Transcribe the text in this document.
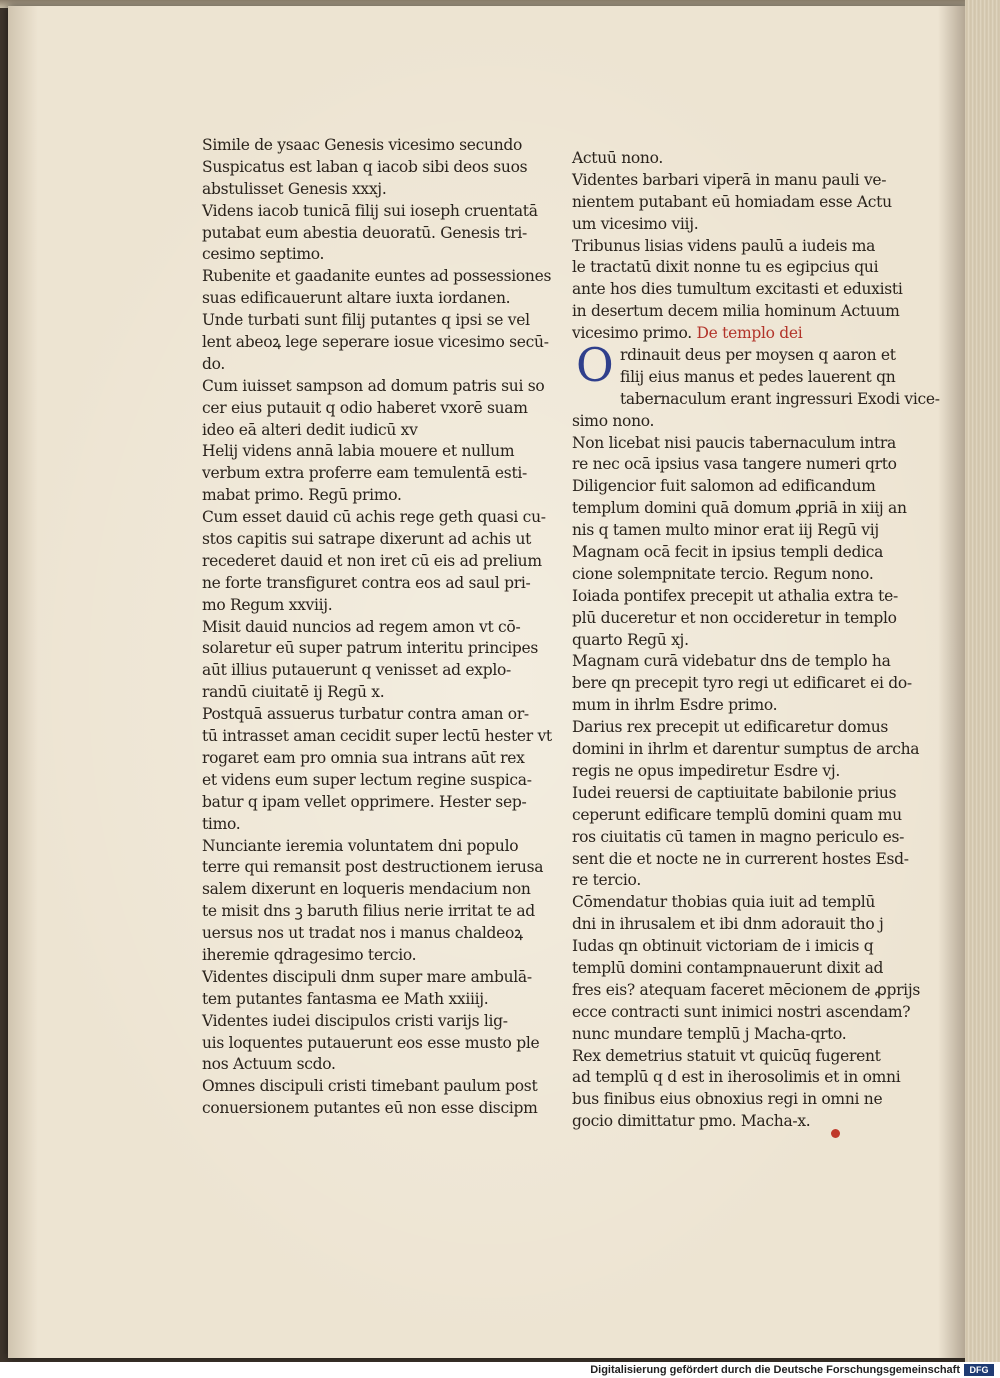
Simile de ysaac Genesis vicesimo secundo
Suspicatus est laban q iacob sibi deos suos
abstulisset Genesis xxxj.
Videns iacob tunicā filij sui ioseph cruentatā
putabat eum abestia deuoratū. Genesis tri-
cesimo septimo.
Rubenite et gaadanite euntes ad possessiones
suas edificauerunt altare iuxta iordanen.
Unde turbati sunt filij putantes q ipsi se vel
lent abeoꝝ lege seperare iosue vicesimo secū-
do.
Cum iuisset sampson ad domum patris sui so
cer eius putauit q odio haberet vxorē suam
ideo eā alteri dedit iudicū xv
Helij videns annā labia mouere et nullum
verbum extra proferre eam temulentā esti-
mabat primo. Regū primo.
Cum esset dauid cū achis rege geth quasi cu-
stos capitis sui satrape dixerunt ad achis ut
recederet dauid et non iret cū eis ad prelium
ne forte transfiguret contra eos ad saul pri-
mo Regum xxviij.
Misit dauid nuncios ad regem amon vt cō-
solaretur eū super patrum interitu principes
aūt illius putauerunt q venisset ad explo-
randū ciuitatē ij Regū x.
Postquā assuerus turbatur contra aman or-
tū intrasset aman cecidit super lectū hester vt
rogaret eam pro omnia sua intrans aūt rex
et videns eum super lectum regine suspica-
batur q ipam vellet opprimere. Hester sep-
timo.
Nunciante ieremia voluntatem dni populo
terre qui remansit post destructionem ierusa
salem dixerunt en loqueris mendacium non
te misit dns ꝫ baruth filius nerie irritat te ad
uersus nos ut tradat nos i manus chaldeoꝝ
iheremie qdragesimo tercio.
Videntes discipuli dnm super mare ambulā-
tem putantes fantasma ee Math xxiiij.
Videntes iudei discipulos cristi varijs lig-
uis loquentes putauerunt eos esse musto ple
nos Actuum scdo.
Omnes discipuli cristi timebant paulum post
conuersionem putantes eū non esse discipm
Actuū nono.
Videntes barbari viperā in manu pauli ve-
nientem putabant eū homiadam esse Actu
um vicesimo viij.
Tribunus lisias videns paulū a iudeis ma
le tractatū dixit nonne tu es egipcius qui
ante hos dies tumultum excitasti et eduxisti
in desertum decem milia hominum Actuum
vicesimo primo. De templo dei
rdinauit deus per moysen q aaron et
filij eius manus et pedes lauerent qn
tabernaculum erant ingressuri Exodi vice-
simo nono.
Non licebat nisi paucis tabernaculum intra
re nec ocā ipsius vasa tangere numeri qrto
Diligencior fuit salomon ad edificandum
templum domini quā domum ꝓpriā in xiij an
nis q tamen multo minor erat iij Regū vij
Magnam ocā fecit in ipsius templi dedica
cione solempnitate tercio. Regum nono.
Ioiada pontifex precepit ut athalia extra te-
plū duceretur et non occideretur in templo
quarto Regū xj.
Magnam curā videbatur dns de templo ha
bere qn precepit tyro regi ut edificaret ei do-
mum in ihrlm Esdre primo.
Darius rex precepit ut edificaretur domus
domini in ihrlm et darentur sumptus de archa
regis ne opus impediretur Esdre vj.
Iudei reuersi de captiuitate babilonie prius
ceperunt edificare templū domini quam mu
ros ciuitatis cū tamen in magno periculo es-
sent die et nocte ne in currerent hostes Esd-
re tercio.
Cōmendatur thobias quia iuit ad templū
dni in ihrusalem et ibi dnm adorauit tho j
Iudas qn obtinuit victoriam de i imicis q
templū domini contampnauerunt dixit ad
fres eis? atequam faceret mēcionem de ꝓprijs
ecce contracti sunt inimici nostri ascendam?
nunc mundare templū j Macha-qrto.
Rex demetrius statuit vt quicūq fugerent
ad templū q d est in iherosolimis et in omni
bus finibus eius obnoxius regi in omni ne
gocio dimittatur pmo. Macha-x.
O
Digitalisierung gefördert durch die Deutsche Forschungsgemeinschaft	DFG
